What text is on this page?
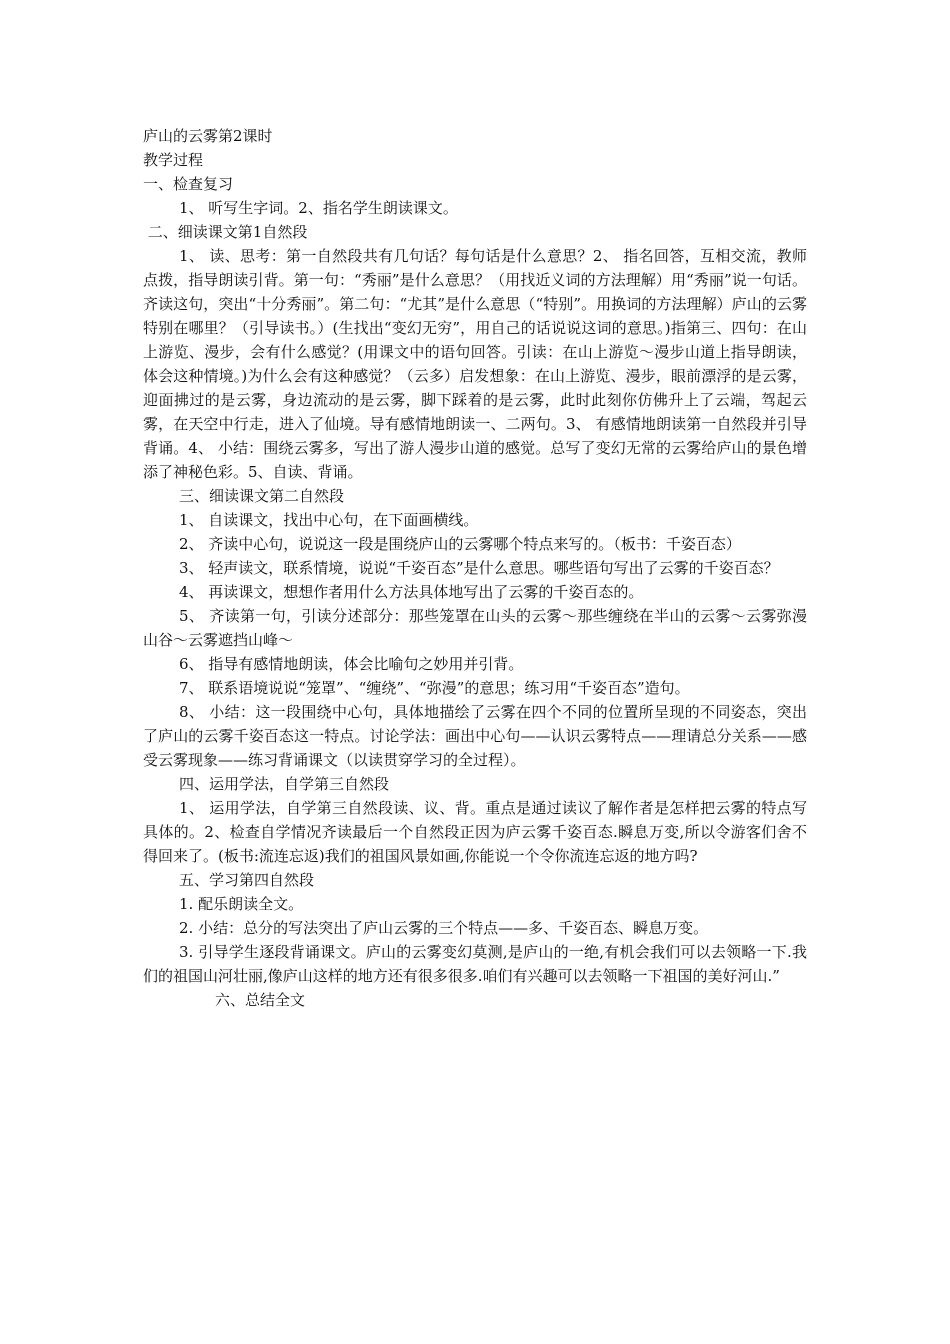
庐山的云雾第2课时

教学过程

一、检查复习

1、 听写生字词。2、指名学生朗读课文。

二、细读课文第1自然段

1、 读、思考：第一自然段共有几句话？每句话是什么意思？2、 指名回答，互相交流，教师点拨，指导朗读引背。第一句：“秀丽”是什么意思？（用找近义词的方法理解）用“秀丽”说一句话。齐读这句，突出“十分秀丽”。第二句：“尤其”是什么意思（“特别”。用换词的方法理解）庐山的云雾特别在哪里？（引导读书。）(生找出“变幻无穷”，用自己的话说说这词的意思。)指第三、四句：在山上游览、漫步，会有什么感觉？(用课文中的语句回答。引读：在山上游览～漫步山道上指导朗读，体会这种情境。)为什么会有这种感觉？（云多）启发想象：在山上游览、漫步，眼前漂浮的是云雾，迎面拂过的是云雾，身边流动的是云雾，脚下踩着的是云雾，此时此刻你仿佛升上了云端，驾起云雾，在天空中行走，进入了仙境。导有感情地朗读一、二两句。3、 有感情地朗读第一自然段并引导背诵。4、 小结：围绕云雾多，写出了游人漫步山道的感觉。总写了变幻无常的云雾给庐山的景色增添了神秘色彩。5、自读、背诵。

三、细读课文第二自然段

1、 自读课文，找出中心句，在下面画横线。

2、 齐读中心句，说说这一段是围绕庐山的云雾哪个特点来写的。（板书：千姿百态）

3、 轻声读文，联系情境，说说“千姿百态”是什么意思。哪些语句写出了云雾的千姿百态？

4、 再读课文，想想作者用什么方法具体地写出了云雾的千姿百态的。

5、 齐读第一句，引读分述部分：那些笼罩在山头的云雾～那些缠绕在半山的云雾～云雾弥漫山谷～云雾遮挡山峰～

6、 指导有感情地朗读，体会比喻句之妙用并引背。

7、 联系语境说说“笼罩”、“缠绕”、“弥漫”的意思；练习用“千姿百态”造句。

8、 小结：这一段围绕中心句，具体地描绘了云雾在四个不同的位置所呈现的不同姿态，突出了庐山的云雾千姿百态这一特点。讨论学法：画出中心句——认识云雾特点——理请总分关系——感受云雾现象——练习背诵课文（以读贯穿学习的全过程）。

四、运用学法，自学第三自然段

1、 运用学法，自学第三自然段读、议、背。重点是通过读议了解作者是怎样把云雾的特点写具体的。2、检查自学情况齐读最后一个自然段正因为庐云雾千姿百态.瞬息万变,所以令游客们舍不得回来了。(板书:流连忘返)我们的祖国风景如画,你能说一个令你流连忘返的地方吗?

五、学习第四自然段

1. 配乐朗读全文。

2. 小结：总分的写法突出了庐山云雾的三个特点——多、千姿百态、瞬息万变。

3. 引导学生逐段背诵课文。庐山的云雾变幻莫测,是庐山的一绝,有机会我们可以去领略一下.我们的祖国山河壮丽,像庐山这样的地方还有很多很多.咱们有兴趣可以去领略一下祖国的美好河山.”

六、总结全文
